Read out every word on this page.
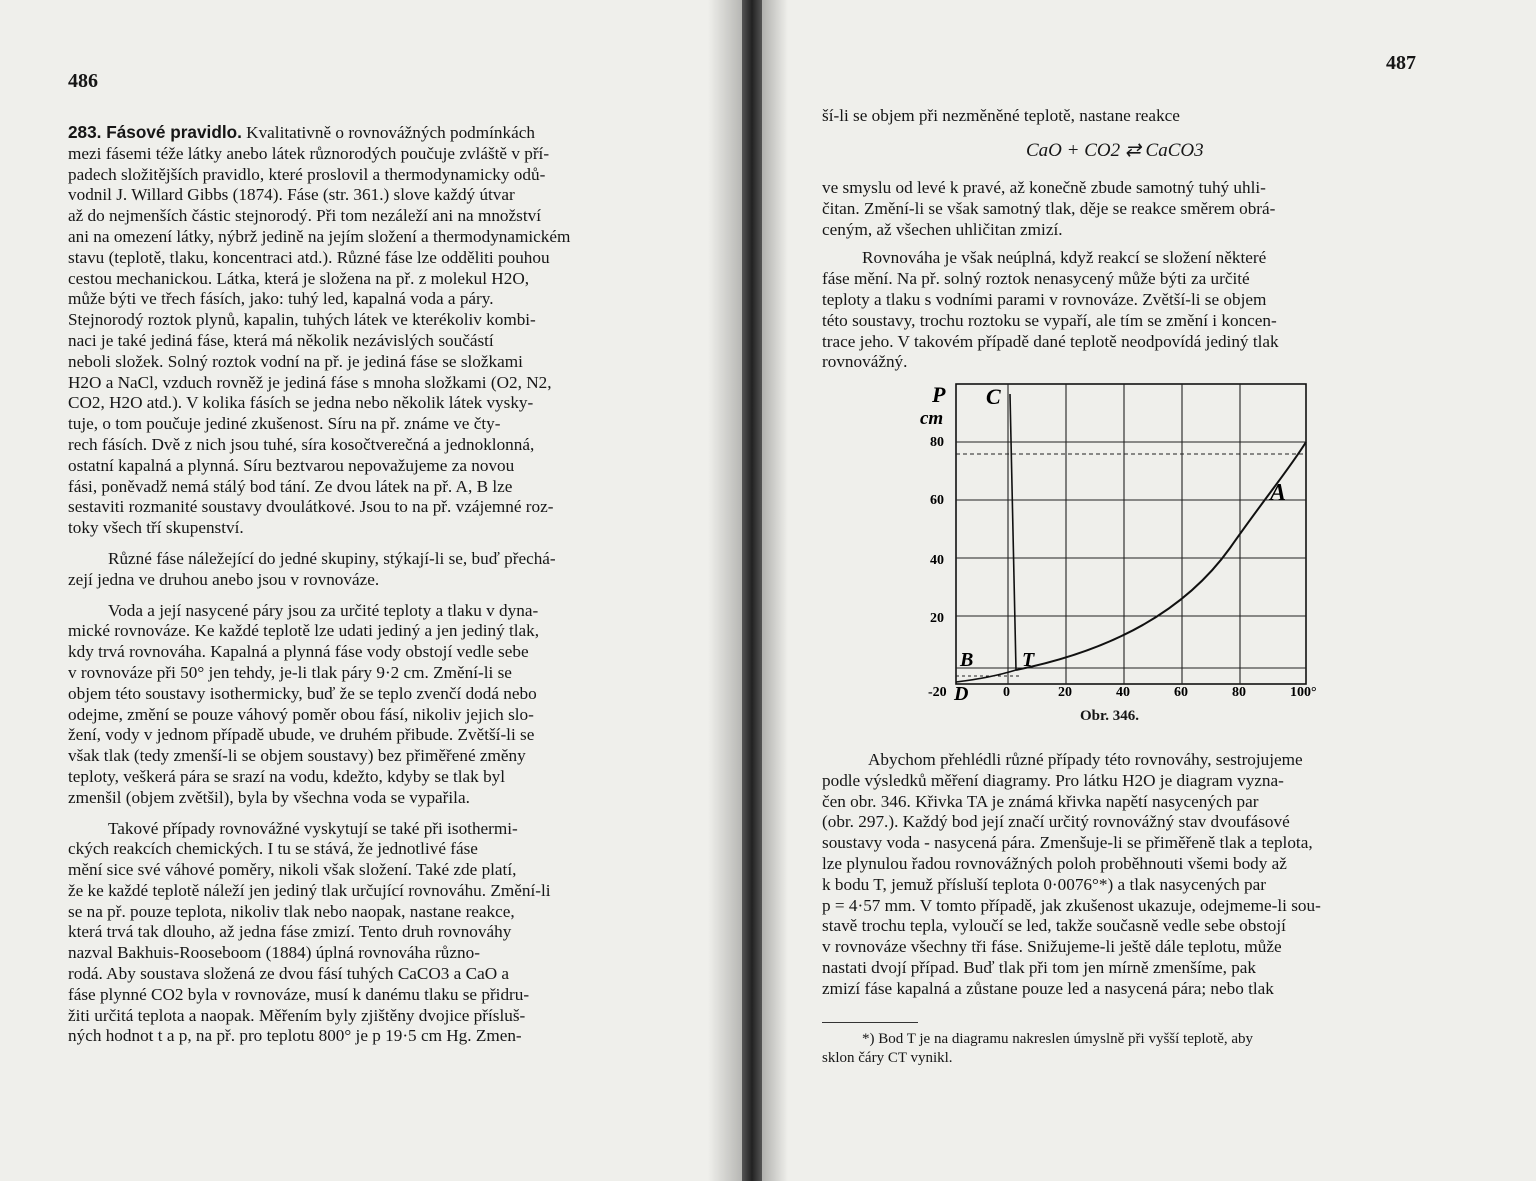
486

283. Fásové pravidlo. Kvalitativně o rovnovážných podmínkách
mezi fásemi téže látky anebo látek různorodých poučuje zvláště v pří-
padech složitějších pravidlo, které proslovil a thermodynamicky odů-
vodnil J. Willard Gibbs (1874). Fáse (str. 361.) slove každý útvar
až do nejmenších částic stejnorodý. Při tom nezáleží ani na množství
ani na omezení látky, nýbrž jedině na jejím složení a thermodynamickém
stavu (teplotě, tlaku, koncentraci atd.). Různé fáse lze odděliti pouhou
cestou mechanickou. Látka, která je složena na př. z molekul H2O,
může býti ve třech fásích, jako: tuhý led, kapalná voda a páry.
Stejnorodý roztok plynů, kapalin, tuhých látek ve kterékoliv kombi-
naci je také jediná fáse, která má několik nezávislých součástí
neboli složek. Solný roztok vodní na př. je jediná fáse se složkami
H2O a NaCl, vzduch rovněž je jediná fáse s mnoha složkami (O2, N2,
CO2, H2O atd.). V kolika fásích se jedna nebo několik látek vysky-
tuje, o tom poučuje jediné zkušenost. Síru na př. známe ve čty-
rech fásích. Dvě z nich jsou tuhé, síra kosočtverečná a jednoklonná,
ostatní kapalná a plynná. Síru beztvarou nepovažujeme za novou
fási, poněvadž nemá stálý bod tání. Ze dvou látek na př. A, B lze
sestaviti rozmanité soustavy dvoulátkové. Jsou to na př. vzájemné roz-
toky všech tří skupenství.

Různé fáse náležející do jedné skupiny, stýkají-li se, buď přechá-
zejí jedna ve druhou anebo jsou v rovnováze.

Voda a její nasycené páry jsou za určité teploty a tlaku v dyna-
mické rovnováze. Ke každé teplotě lze udati jediný a jen jediný tlak,
kdy trvá rovnováha. Kapalná a plynná fáse vody obstojí vedle sebe
v rovnováze při 50° jen tehdy, je-li tlak páry 9·2 cm. Změní-li se
objem této soustavy isothermicky, buď že se teplo zvenčí dodá nebo
odejme, změní se pouze váhový poměr obou fásí, nikoliv jejich slo-
žení, vody v jednom případě ubude, ve druhém přibude. Zvětší-li se
však tlak (tedy zmenší-li se objem soustavy) bez přiměřené změny
teploty, veškerá pára se srazí na vodu, kdežto, kdyby se tlak byl
zmenšil (objem zvětšil), byla by všechna voda se vypařila.

Takové případy rovnovážné vyskytují se také při isothermi-
ckých reakcích chemických. I tu se stává, že jednotlivé fáse
mění sice své váhové poměry, nikoli však složení. Také zde platí,
že ke každé teplotě náleží jen jediný tlak určující rovnováhu. Změní-li
se na př. pouze teplota, nikoliv tlak nebo naopak, nastane reakce,
která trvá tak dlouho, až jedna fáse zmizí. Tento druh rovnováhy
nazval Bakhuis-Rooseboom (1884) úplná rovnováha různo-
rodá. Aby soustava složená ze dvou fásí tuhých CaCO3 a CaO a
fáse plynné CO2 byla v rovnováze, musí k danému tlaku se přidru-
žiti určitá teplota a naopak. Měřením byly zjištěny dvojice přísluš-
ných hodnot t a p, na př. pro teplotu 800° je p 19·5 cm Hg. Zmen-

487
ší-li se objem při nezměněné teplotě, nastane reakce
CaO + CO2 ⇄ CaCO3

ve smyslu od levé k pravé, až konečně zbude samotný tuhý uhli-
čitan. Změní-li se však samotný tlak, děje se reakce směrem obrá-
ceným, až všechen uhličitan zmizí.

Rovnováha je však neúplná, když reakcí se složení některé
fáse mění. Na př. solný roztok nenasycený může býti za určité
teploty a tlaku s vodními parami v rovnováze. Zvětší-li se objem
této soustavy, trochu roztoku se vypaří, ale tím se změní i koncen-
trace jeho. V takovém případě dané teplotě neodpovídá jediný tlak
rovnovážný.

P
cm
C
A
B T
D
80
60
40
20
-20	0	20	40	60	80	100°
Obr. 346.

Abychom přehlédli různé případy této rovnováhy, sestrojujeme
podle výsledků měření diagramy. Pro látku H2O je diagram vyzna-
čen obr. 346. Křivka TA je známá křivka napětí nasycených par
(obr. 297.). Každý bod její značí určitý rovnovážný stav dvoufásové
soustavy voda - nasycená pára. Zmenšuje-li se přiměřeně tlak a teplota,
lze plynulou řadou rovnovážných poloh proběhnouti všemi body až
k bodu T, jemuž přísluší teplota 0·0076°*) a tlak nasycených par
p = 4·57 mm. V tomto případě, jak zkušenost ukazuje, odejmeme-li sou-
stavě trochu tepla, vyloučí se led, takže současně vedle sebe obstojí
v rovnováze všechny tři fáse. Snižujeme-li ještě dále teplotu, může
nastati dvojí případ. Buď tlak při tom jen mírně zmenšíme, pak
zmizí fáse kapalná a zůstane pouze led a nasycená pára; nebo tlak

*) Bod T je na diagramu nakreslen úmyslně při vyšší teplotě, aby
sklon čáry CT vynikl.
